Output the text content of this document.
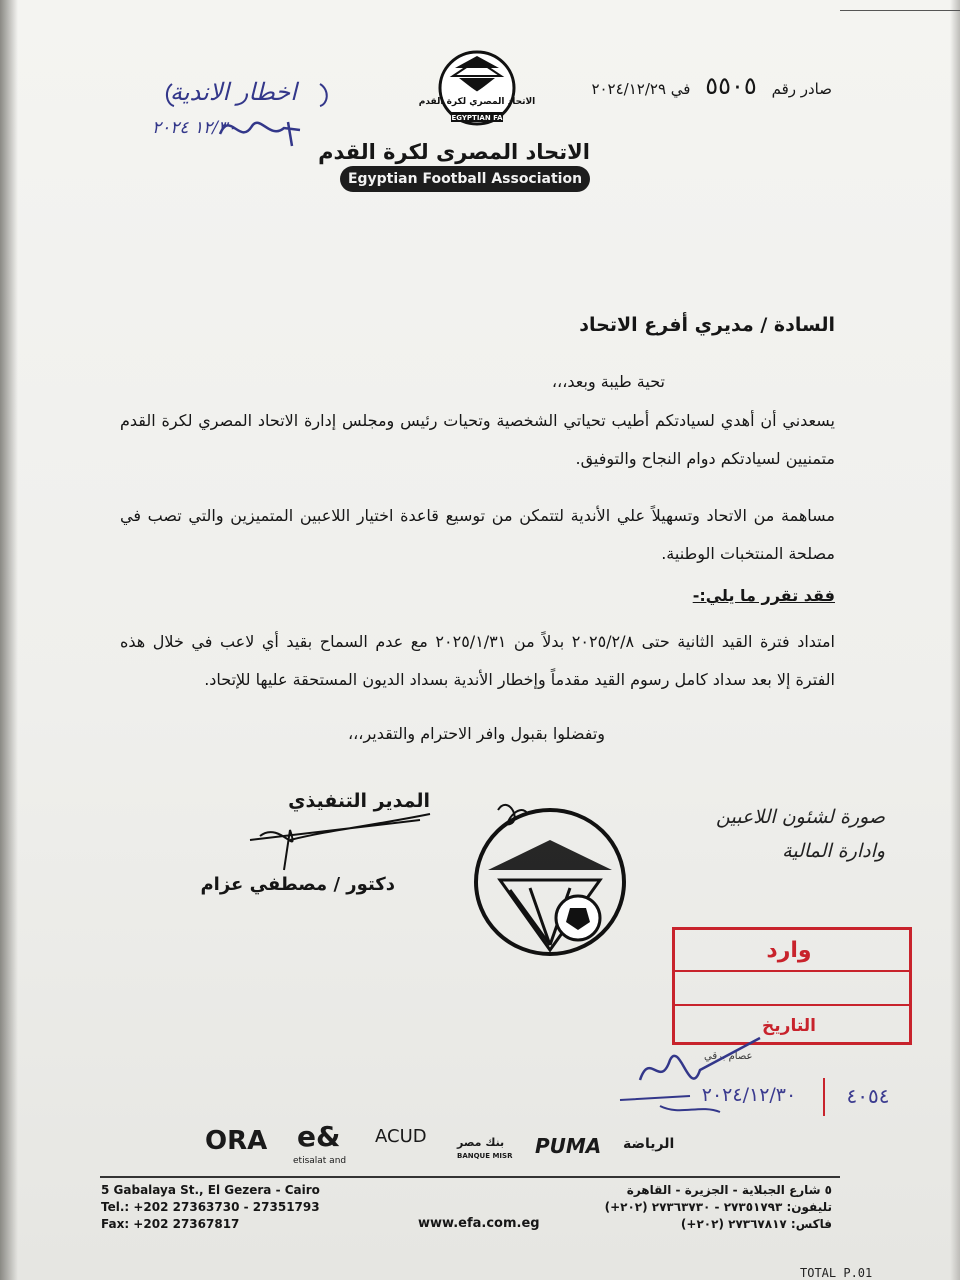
صادر رقم ٥٥٠٥ في ٢٠٢٤/١٢/٢٩
الاتحاد المصري لكرة القدم
EGYPTIAN FA
الاتحاد المصرى لكرة القدم
Egyptian Football Association
اخطار الاندية
١٢/٣٠ ٢٠٢٤
السادة / مديري أفرع الاتحاد
تحية طيبة وبعد،،،
يسعدني أن أهدي لسيادتكم أطيب تحياتي الشخصية وتحيات رئيس ومجلس إدارة الاتحاد المصري لكرة القدم متمنيين لسيادتكم دوام النجاح والتوفيق.
مساهمة من الاتحاد وتسهيلاً علي الأندية لتتمكن من توسيع قاعدة اختيار اللاعبين المتميزين والتي تصب في مصلحة المنتخبات الوطنية.
فقد تقرر ما يلي:-
امتداد فترة القيد الثانية حتى ٢٠٢٥/٢/٨ بدلاً من ٢٠٢٥/١/٣١ مع عدم السماح بقيد أي لاعب في خلال هذه الفترة إلا بعد سداد كامل رسوم القيد مقدماً وإخطار الأندية بسداد الديون المستحقة عليها للإتحاد.
وتفضلوا بقبول وافر الاحترام والتقدير،،،
المدير التنفيذي
دكتور / مصطفي عزام
صورة لشئون اللاعبين
وادارة المالية
وارد
التاريخ
٢٠٢٤/١٢/٣٠	٤٠٥٤
عصام برقي
ORA e&
etisalat and
ACUD	بنك مصر
BANQUE MISR PUMA الرياضة
5 Gabalaya St., El Gezera - Cairo
Tel.: +202 27363730 - 27351793
Fax: +202 27367817
٥ شارع الجبلاية - الجزيرة - القاهرة
تليفون: ٢٧٣٥١٧٩٣ - ٢٧٣٦٣٧٣٠ (٢٠٢+)
فاكس: ٢٧٣٦٧٨١٧ (٢٠٢+)
www.efa.com.eg
TOTAL P.01
